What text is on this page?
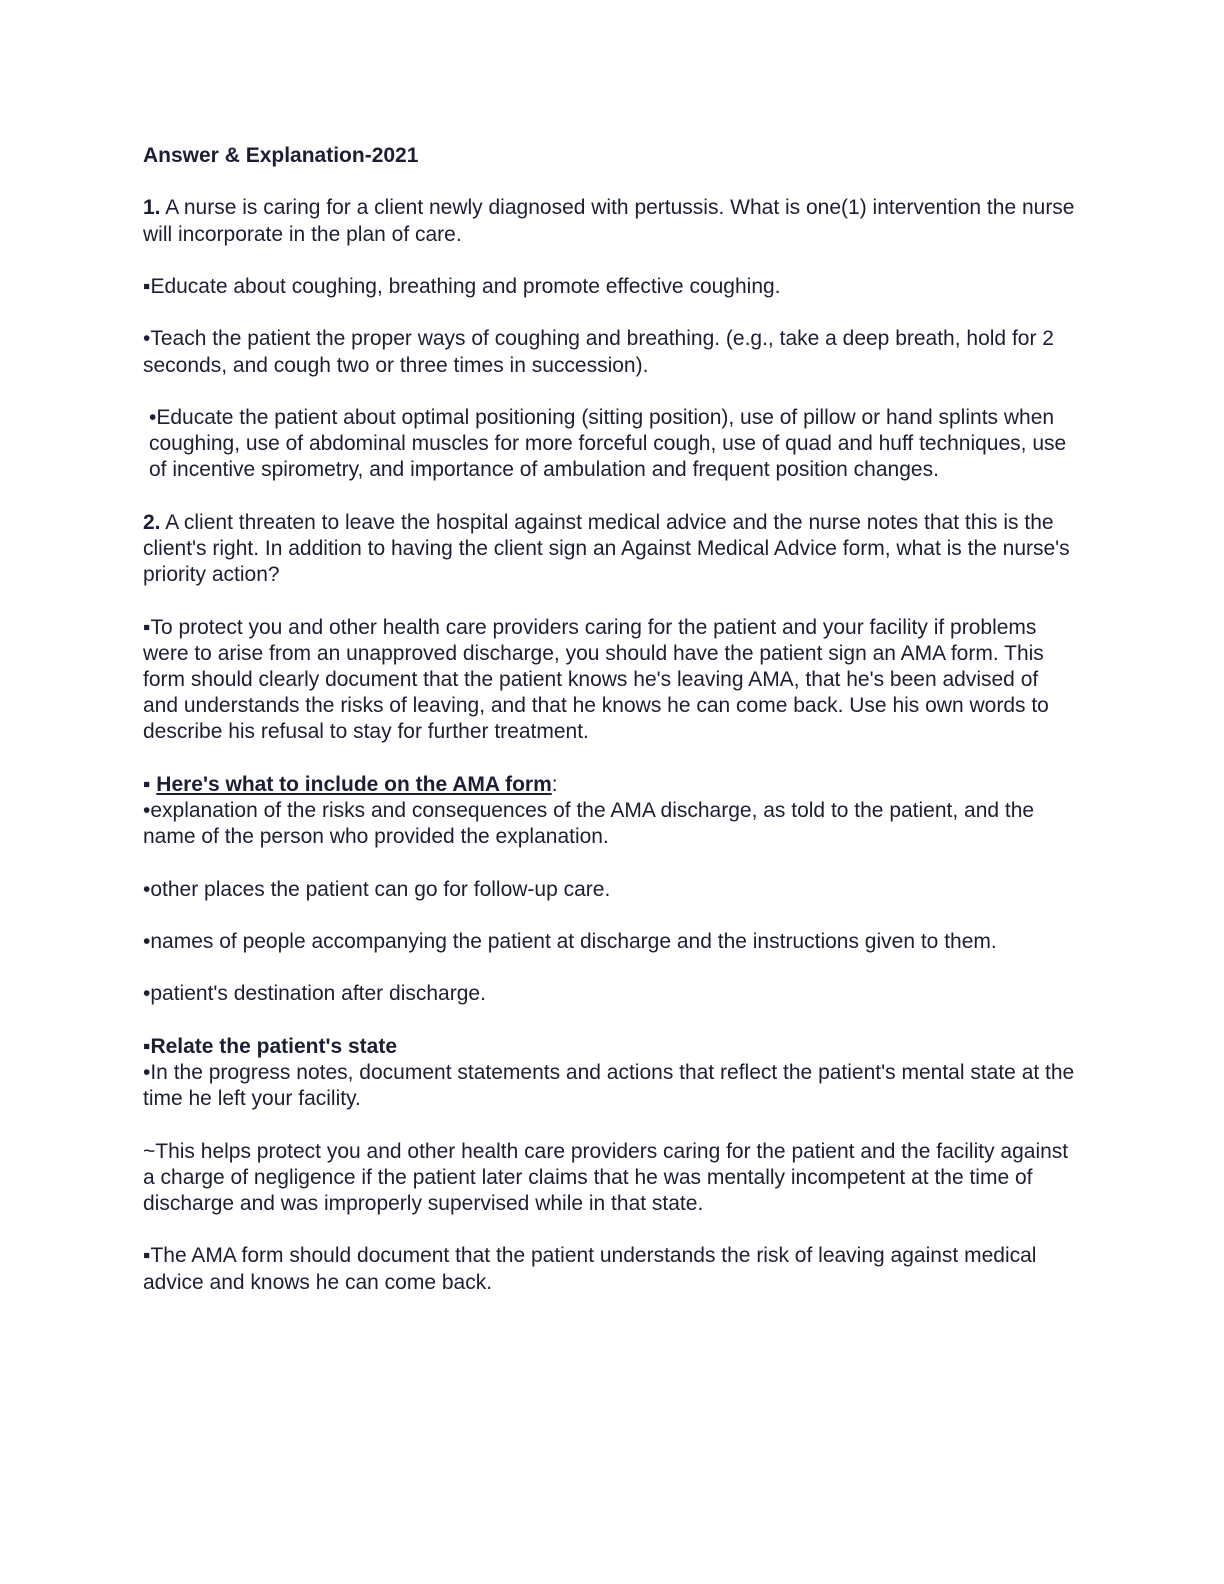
Answer & Explanation-2021

1. A nurse is caring for a client newly diagnosed with pertussis. What is one(1) intervention the nurse will incorporate in the plan of care.

▪Educate about coughing, breathing and promote effective coughing.

•Teach the patient the proper ways of coughing and breathing. (e.g., take a deep breath, hold for 2 seconds, and cough two or three times in succession).

•Educate the patient about optimal positioning (sitting position), use of pillow or hand splints when coughing, use of abdominal muscles for more forceful cough, use of quad and huff techniques, use of incentive spirometry, and importance of ambulation and frequent position changes.

2. A client threaten to leave the hospital against medical advice and the nurse notes that this is the client's right. In addition to having the client sign an Against Medical Advice form, what is the nurse's priority action?

▪To protect you and other health care providers caring for the patient and your facility if problems were to arise from an unapproved discharge, you should have the patient sign an AMA form. This form should clearly document that the patient knows he's leaving AMA, that he's been advised of and understands the risks of leaving, and that he knows he can come back. Use his own words to describe his refusal to stay for further treatment.

▪ Here's what to include on the AMA form:

•explanation of the risks and consequences of the AMA discharge, as told to the patient, and the name of the person who provided the explanation.

•other places the patient can go for follow-up care.

•names of people accompanying the patient at discharge and the instructions given to them.

•patient's destination after discharge.

▪Relate the patient's state

•In the progress notes, document statements and actions that reflect the patient's mental state at the time he left your facility.

~This helps protect you and other health care providers caring for the patient and the facility against a charge of negligence if the patient later claims that he was mentally incompetent at the time of discharge and was improperly supervised while in that state.

▪The AMA form should document that the patient understands the risk of leaving against medical advice and knows he can come back.
